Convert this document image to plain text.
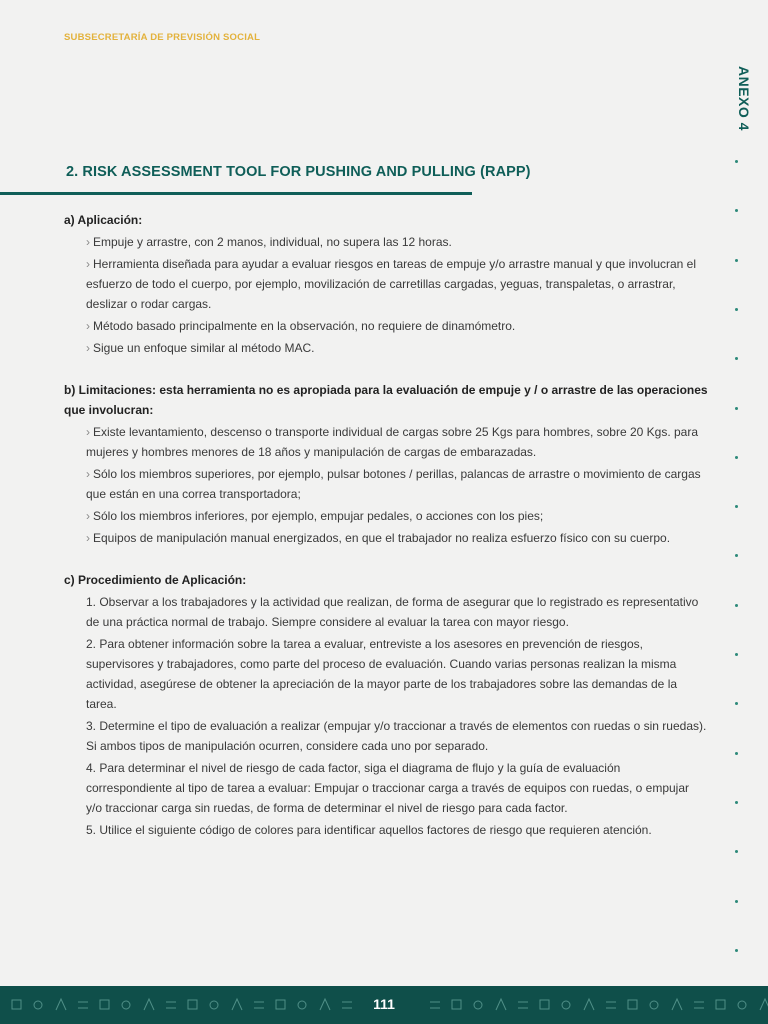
SUBSECRETARÍA DE PREVISIÓN SOCIAL
ANEXO 4
2. RISK ASSESSMENT TOOL FOR PUSHING AND PULLING (RAPP)
a) Aplicación:
› Empuje y arrastre, con 2 manos, individual, no supera las 12 horas.
› Herramienta diseñada para ayudar a evaluar riesgos en tareas de empuje y/o arrastre manual y que involucran el esfuerzo de todo el cuerpo, por ejemplo, movilización de carretillas cargadas, yeguas, transpaletas, o arrastrar, deslizar o rodar cargas.
› Método basado principalmente en la observación, no requiere de dinamómetro.
› Sigue un enfoque similar al método MAC.
b) Limitaciones: esta herramienta no es apropiada para la evaluación de empuje y / o arrastre de las operaciones que involucran:
› Existe levantamiento, descenso o transporte individual de cargas sobre 25 Kgs para hombres, sobre 20 Kgs. para mujeres y hombres menores de 18 años y manipulación de cargas de embarazadas.
› Sólo los miembros superiores, por ejemplo, pulsar botones / perillas, palancas de arrastre o movimiento de cargas que están en una correa transportadora;
› Sólo los miembros inferiores, por ejemplo, empujar pedales, o acciones con los pies;
› Equipos de manipulación manual energizados, en que el trabajador no realiza esfuerzo físico con su cuerpo.
c) Procedimiento de Aplicación:
1. Observar a los trabajadores y la actividad que realizan, de forma de asegurar que lo registrado es representativo de una práctica normal de trabajo. Siempre considere al evaluar la tarea con mayor riesgo.
2. Para obtener información sobre la tarea a evaluar, entreviste a los asesores en prevención de riesgos, supervisores y trabajadores, como parte del proceso de evaluación. Cuando varias personas realizan la misma actividad, asegúrese de obtener la apreciación de la mayor parte de los trabajadores sobre las demandas de la tarea.
3. Determine el tipo de evaluación a realizar (empujar y/o traccionar a través de elementos con ruedas o sin ruedas). Si ambos tipos de manipulación ocurren, considere cada uno por separado.
4. Para determinar el nivel de riesgo de cada factor, siga el diagrama de flujo y la guía de evaluación correspondiente al tipo de tarea a evaluar: Empujar o traccionar carga a través de equipos con ruedas, o empujar y/o traccionar carga sin ruedas, de forma de determinar el nivel de riesgo para cada factor.
5. Utilice el siguiente código de colores para identificar aquellos factores de riesgo que requieren atención.
111
